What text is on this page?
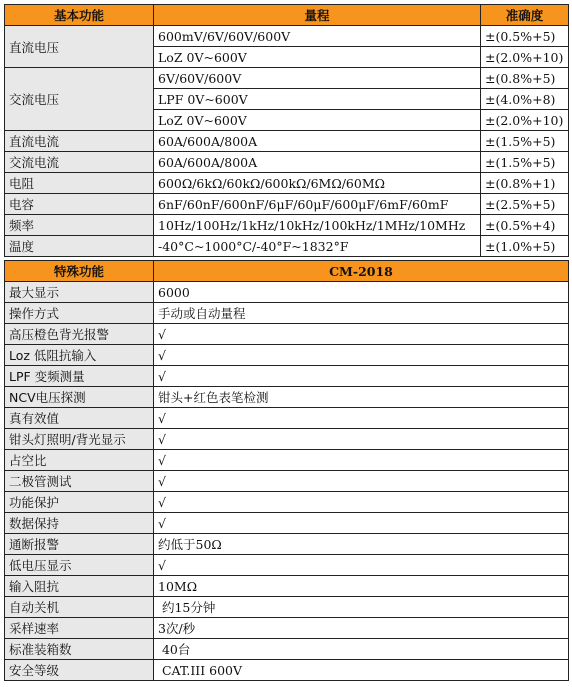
基本功能	量程	准确度
直流电压	600mV/6V/60V/600V	±(0.5%+5)
	LoZ 0V~600V	±(2.0%+10)
交流电压	6V/60V/600V	±(0.8%+5)
	LPF 0V~600V	±(4.0%+8)
	LoZ 0V~600V	±(2.0%+10)
直流电流	60A/600A/800A	±(1.5%+5)
交流电流	60A/600A/800A	±(1.5%+5)
电阻	600Ω/6kΩ/60kΩ/600kΩ/6MΩ/60MΩ	±(0.8%+1)
电容	6nF/60nF/600nF/6μF/60μF/600μF/6mF/60mF	±(2.5%+5)
频率	10Hz/100Hz/1kHz/10kHz/100kHz/1MHz/10MHz	±(0.5%+4)
温度	-40°C~1000°C/-40°F~1832°F	±(1.0%+5)
特殊功能	CM-2018
最大显示	6000
操作方式	手动或自动量程
高压橙色背光报警	√
Loz 低阻抗输入	√
LPF 变频测量	√
NCV电压探测	钳头+红色表笔检测
真有效值	√
钳头灯照明/背光显示	√
占空比	√
二极管测试	√
功能保护	√
数据保持	√
通断报警	约低于50Ω
低电压显示	√
输入阻抗	10MΩ
自动关机	约15分钟
采样速率	3次/秒
标准装箱数	40台
安全等级	CAT.III 600V
